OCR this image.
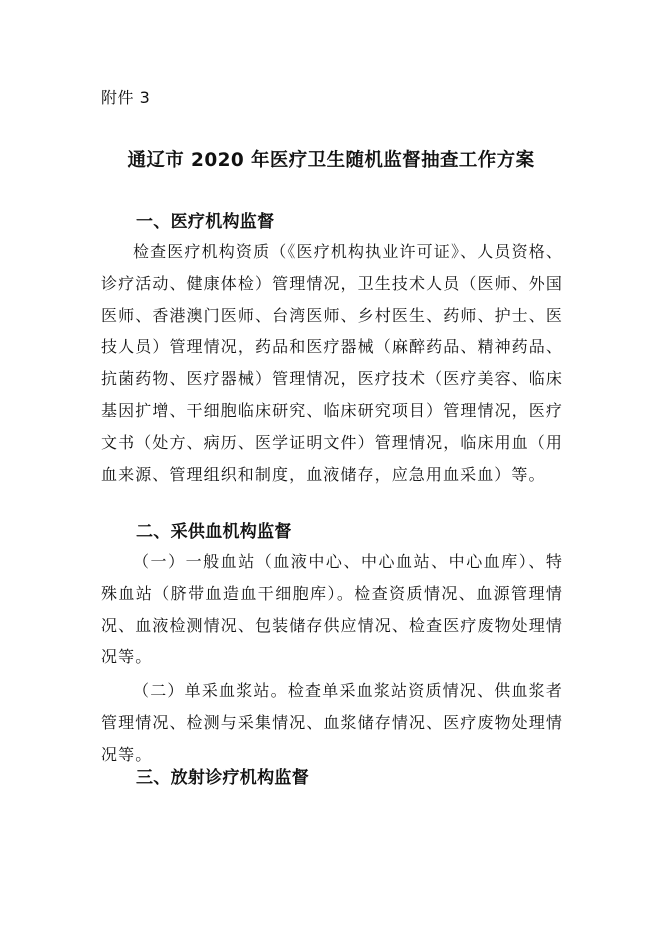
附件 3
通辽市 2020 年医疗卫生随机监督抽查工作方案
一、医疗机构监督

检查医疗机构资质（《医疗机构执业许可证》、人员资格、诊疗活动、健康体检）管理情况，卫生技术人员（医师、外国医师、香港澳门医师、台湾医师、乡村医生、药师、护士、医技人员）管理情况，药品和医疗器械（麻醉药品、精神药品、抗菌药物、医疗器械）管理情况，医疗技术（医疗美容、临床基因扩增、干细胞临床研究、临床研究项目）管理情况，医疗文书（处方、病历、医学证明文件）管理情况，临床用血（用血来源、管理组织和制度，血液储存，应急用血采血）等。

二、采供血机构监督

（一）一般血站（血液中心、中心血站、中心血库）、特殊血站（脐带血造血干细胞库）。检查资质情况、血源管理情况、血液检测情况、包装储存供应情况、检查医疗废物处理情况等。

（二）单采血浆站。检查单采血浆站资质情况、供血浆者管理情况、检测与采集情况、血浆储存情况、医疗废物处理情况等。

三、放射诊疗机构监督
